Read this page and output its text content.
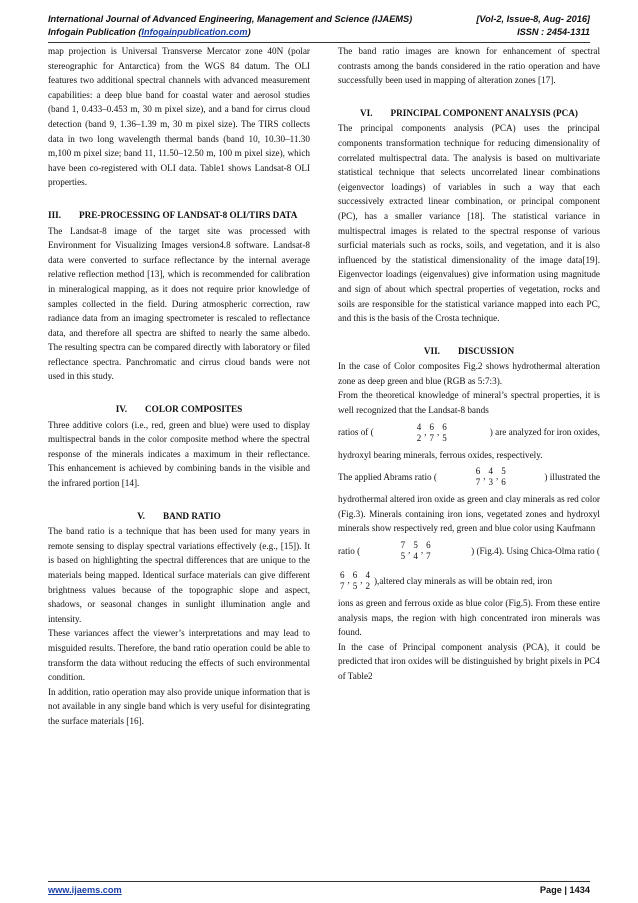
International Journal of Advanced Engineering, Management and Science (IJAEMS)	[Vol-2, Issue-8, Aug- 2016]
Infogain Publication (Infogainpublication.com)	ISSN : 2454-1311

map projection is Universal Transverse Mercator zone 40N (polar stereographic for Antarctica) from the WGS 84 datum. The OLI features two additional spectral channels with advanced measurement capabilities: a deep blue band for coastal water and aerosol studies (band 1, 0.433–0.453 m, 30 m pixel size), and a band for cirrus cloud detection (band 9, 1.36–1.39 m, 30 m pixel size). The TIRS collects data in two long wavelength thermal bands (band 10, 10.30–11.30 m,100 m pixel size; band 11, 11.50–12.50 m, 100 m pixel size), which have been co-registered with OLI data. Table1 shows Landsat-8 OLI properties.

III. PRE-PROCESSING OF LANDSAT-8 OLI/TIRS DATA

The Landsat-8 image of the target site was processed with Environment for Visualizing Images version4.8 software. Landsat-8 data were converted to surface reflectance by the internal average relative reflection method [13], which is recommended for calibration in mineralogical mapping, as it does not require prior knowledge of samples collected in the field. During atmospheric correction, raw radiance data from an imaging spectrometer is rescaled to reflectance data, and therefore all spectra are shifted to nearly the same albedo. The resulting spectra can be compared directly with laboratory or filed reflectance spectra. Panchromatic and cirrus cloud bands were not used in this study.

IV. COLOR COMPOSITES

Three additive colors (i.e., red, green and blue) were used to display multispectral bands in the color composite method where the spectral response of the minerals indicates a maximum in their reflectance. This enhancement is achieved by combining bands in the visible and the infrared portion [14].

V. BAND RATIO

The band ratio is a technique that has been used for many years in remote sensing to display spectral variations effectively (e.g., [15]). It is based on highlighting the spectral differences that are unique to the materials being mapped. Identical surface materials can give different brightness values because of the topographic slope and aspect, shadows, or seasonal changes in sunlight illumination angle and intensity.

These variances affect the viewer’s interpretations and may lead to misguided results. Therefore, the band ratio operation could be able to transform the data without reducing the effects of such environmental condition.

In addition, ratio operation may also provide unique information that is not available in any single band which is very useful for disintegrating the surface materials [16].

The band ratio images are known for enhancement of spectral contrasts among the bands considered in the ratio operation and have successfully been used in mapping of alteration zones [17].

VI. PRINCIPAL COMPONENT ANALYSIS (PCA)

The principal components analysis (PCA) uses the principal components transformation technique for reducing dimensionality of correlated multispectral data. The analysis is based on multivariate statistical technique that selects uncorrelated linear combinations (eigenvector loadings) of variables in such a way that each successively extracted linear combination, or principal component (PC), has a smaller variance [18]. The statistical variance in multispectral images is related to the spectral response of various surficial materials such as rocks, soils, and vegetation, and it is also influenced by the statistical dimensionality of the image data[19]. Eigenvector loadings (eigenvalues) give information using magnitude and sign of about which spectral properties of vegetation, rocks and soils are responsible for the statistical variance mapped into each PC, and this is the basis of the Crosta technique.

VII. DISCUSSION

In the case of Color composites Fig.2 shows hydrothermal alteration zone as deep green and blue (RGB as 5:7:3).

From the theoretical knowledge of mineral’s spectral properties, it is well recognized that the Landsat-8 bands

ratios of (
4
2
,
6
7
,
6
5
) are analyzed for iron oxides,

hydroxyl bearing minerals, ferrous oxides, respectively.

The applied Abrams ratio (
6
7
,
4
3
,
5
6
) illustrated the

hydrothermal altered iron oxide as green and clay minerals as red color (Fig.3). Minerals containing iron ions, vegetated zones and hydroxyl minerals show respectively red, green and blue color using Kaufmann

ratio (
7
5
,
5
4
,
6
7
) (Fig.4). Using Chica-Olma ratio (
6
7
,
6
5
,
4
2
),altered clay minerals as will be obtain red, iron

ions as green and ferrous oxide as blue color (Fig.5). From these entire analysis maps, the region with high concentrated iron minerals was found.

In the case of Principal component analysis (PCA), it could be predicted that iron oxides will be distinguished by bright pixels in PC4 of Table2

www.ijaems.com	Page | 1434
